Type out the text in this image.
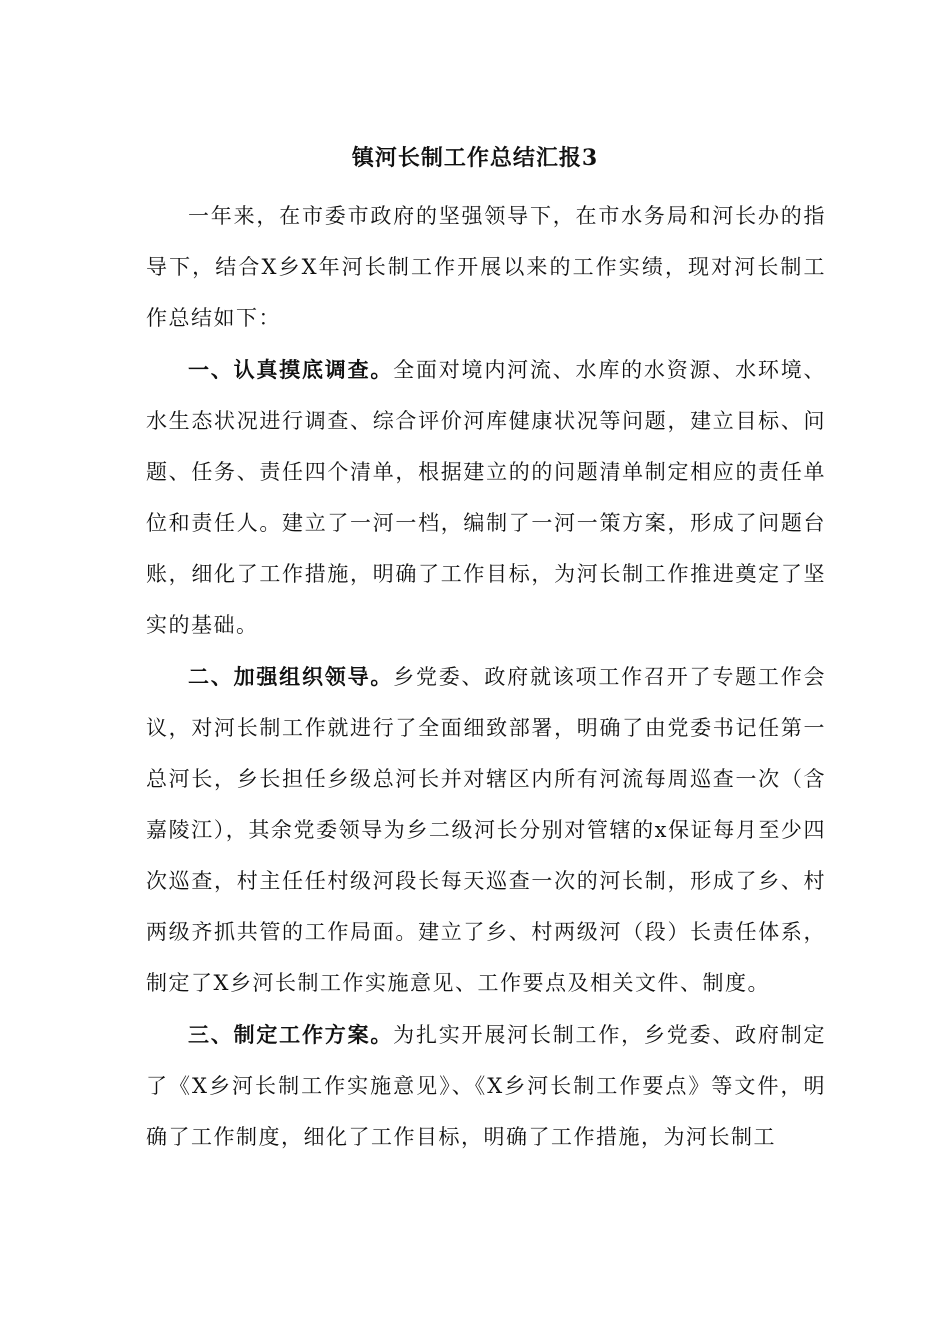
镇河长制工作总结汇报3

一年来，在市委市政府的坚强领导下，在市水务局和河长办的指导下，结合X乡X年河长制工作开展以来的工作实绩，现对河长制工作总结如下：

一、认真摸底调查。全面对境内河流、水库的水资源、水环境、水生态状况进行调查、综合评价河库健康状况等问题，建立目标、问题、任务、责任四个清单，根据建立的的问题清单制定相应的责任单位和责任人。建立了一河一档，编制了一河一策方案，形成了问题台账，细化了工作措施，明确了工作目标，为河长制工作推进奠定了坚实的基础。

二、加强组织领导。乡党委、政府就该项工作召开了专题工作会议，对河长制工作就进行了全面细致部署，明确了由党委书记任第一总河长，乡长担任乡级总河长并对辖区内所有河流每周巡查一次（含嘉陵江），其余党委领导为乡二级河长分别对管辖的x保证每月至少四次巡查，村主任任村级河段长每天巡查一次的河长制，形成了乡、村两级齐抓共管的工作局面。建立了乡、村两级河（段）长责任体系，制定了X乡河长制工作实施意见、工作要点及相关文件、制度。

三、制定工作方案。为扎实开展河长制工作，乡党委、政府制定了《X乡河长制工作实施意见》、《X乡河长制工作要点》等文件，明确了工作制度，细化了工作目标，明确了工作措施，为河长制工
